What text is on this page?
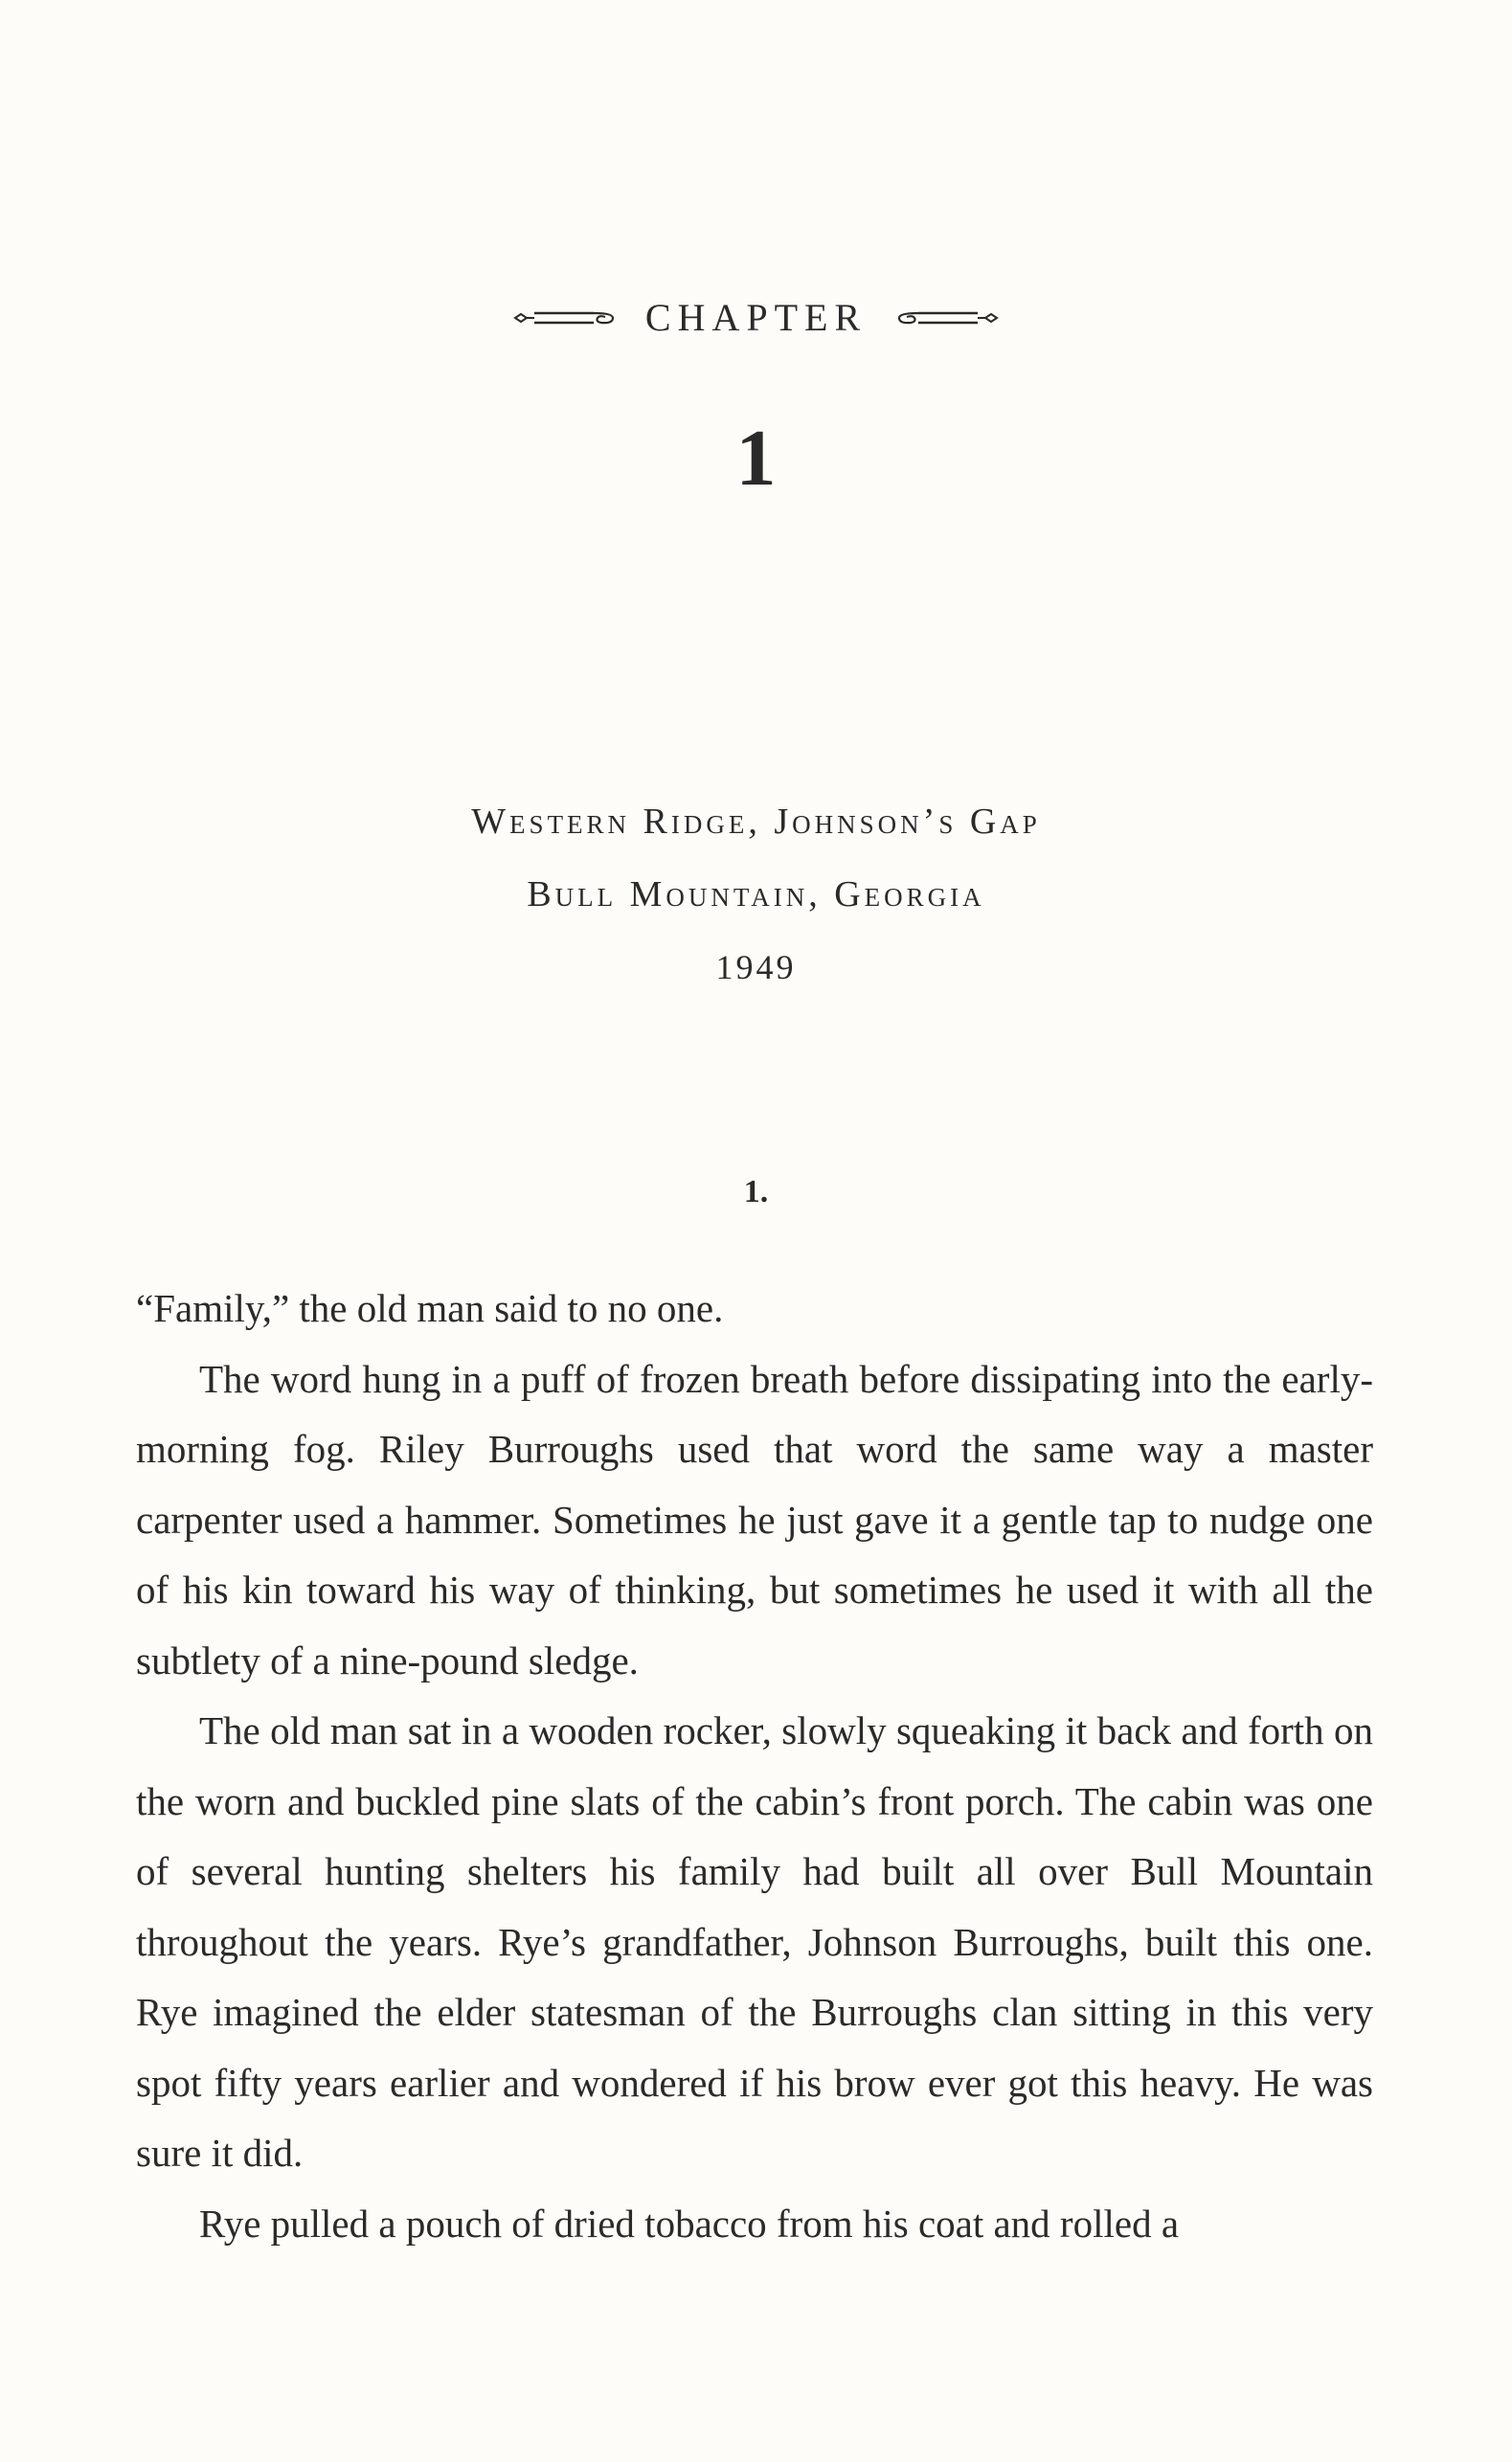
CHAPTER
1
Western Ridge, Johnson’s Gap
Bull Mountain, Georgia
1949
1.

“Family,” the old man said to no one.

The word hung in a puff of frozen breath before dissipating into the early-morning fog. Riley Burroughs used that word the same way a master carpenter used a hammer. Sometimes he just gave it a gentle tap to nudge one of his kin toward his way of thinking, but sometimes he used it with all the subtlety of a nine-pound sledge.

The old man sat in a wooden rocker, slowly squeaking it back and forth on the worn and buckled pine slats of the cabin’s front porch. The cabin was one of several hunting shelters his family had built all over Bull Mountain throughout the years. Rye’s grandfather, Johnson Burroughs, built this one. Rye imagined the elder statesman of the Burroughs clan sitting in this very spot fifty years earlier and wondered if his brow ever got this heavy. He was sure it did.

Rye pulled a pouch of dried tobacco from his coat and rolled a
